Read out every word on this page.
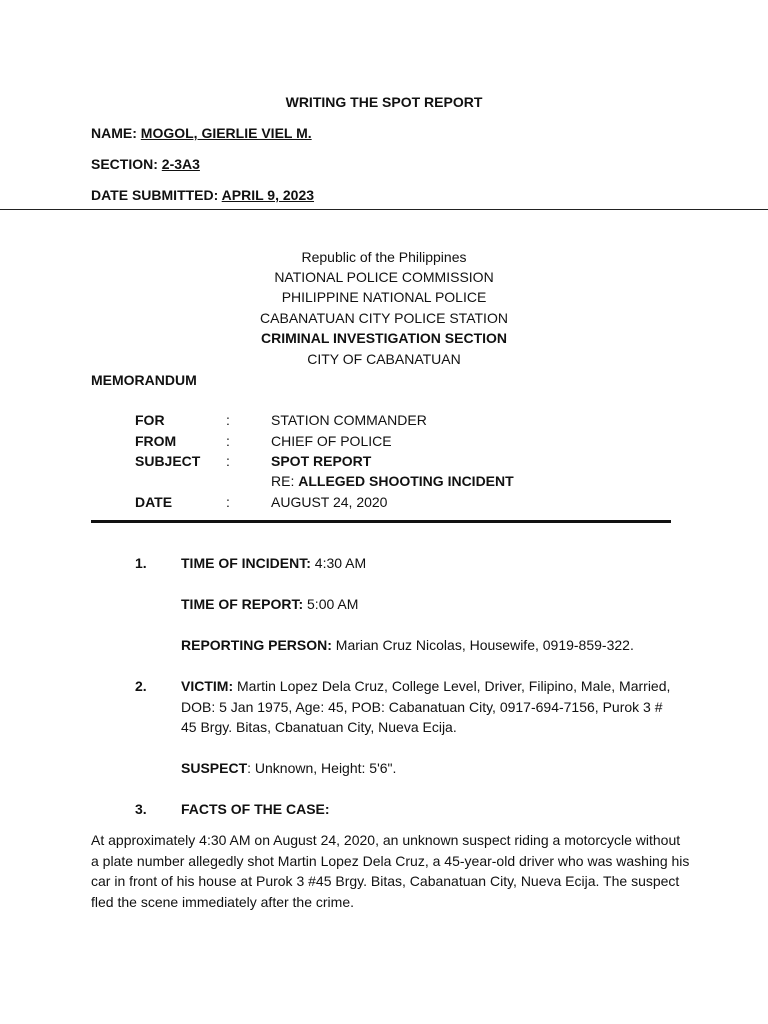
WRITING THE SPOT REPORT
NAME: MOGOL, GIERLIE VIEL M.
SECTION: 2-3A3
DATE SUBMITTED: APRIL 9, 2023
Republic of the Philippines
NATIONAL POLICE COMMISSION
PHILIPPINE NATIONAL POLICE
CABANATUAN CITY POLICE STATION
CRIMINAL INVESTIGATION SECTION
CITY OF CABANATUAN
MEMORANDUM
FOR	:	STATION COMMANDER
FROM	:	CHIEF OF POLICE
SUBJECT :	SPOT REPORT
RE: ALLEGED SHOOTING INCIDENT
DATE	:	AUGUST 24, 2020
1. TIME OF INCIDENT: 4:30 AM
TIME OF REPORT: 5:00 AM
REPORTING PERSON: Marian Cruz Nicolas, Housewife, 0919-859-322.
2. VICTIM: Martin Lopez Dela Cruz, College Level, Driver, Filipino, Male, Married, DOB: 5 Jan 1975, Age: 45, POB: Cabanatuan City, 0917-694-7156, Purok 3 # 45 Brgy. Bitas, Cbanatuan City, Nueva Ecija.
SUSPECT: Unknown, Height: 5'6".
3. FACTS OF THE CASE:
At approximately 4:30 AM on August 24, 2020, an unknown suspect riding a motorcycle without a plate number allegedly shot Martin Lopez Dela Cruz, a 45-year-old driver who was washing his car in front of his house at Purok 3 #45 Brgy. Bitas, Cabanatuan City, Nueva Ecija. The suspect fled the scene immediately after the crime.
